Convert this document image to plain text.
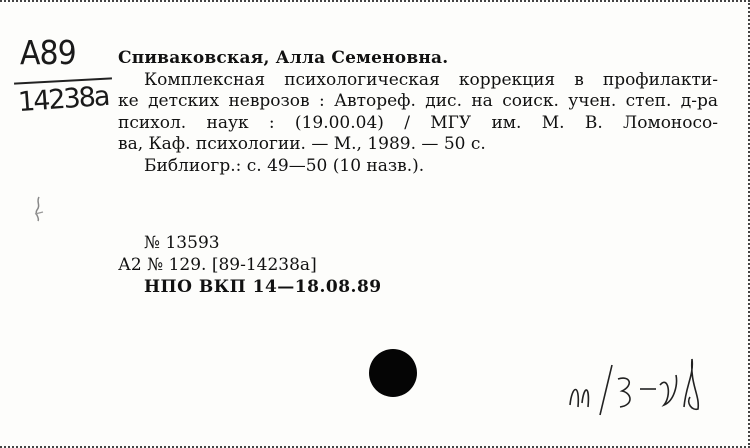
A89
14238a
Спиваковская, Алла Семеновна.
Комплексная психологическая коррекция в профилакти-
ке детских неврозов : Автореф. дис. на соиск. учен. степ. д-ра
психол. наук : (19.00.04) / МГУ им. М. В. Ломоносо-
ва, Каф. психологии. — М., 1989. — 50 с.
Библиогр.: с. 49—50 (10 назв.).
№ 13593
А2 № 129. [89-14238а]
НПО ВКП 14—18.08.89
